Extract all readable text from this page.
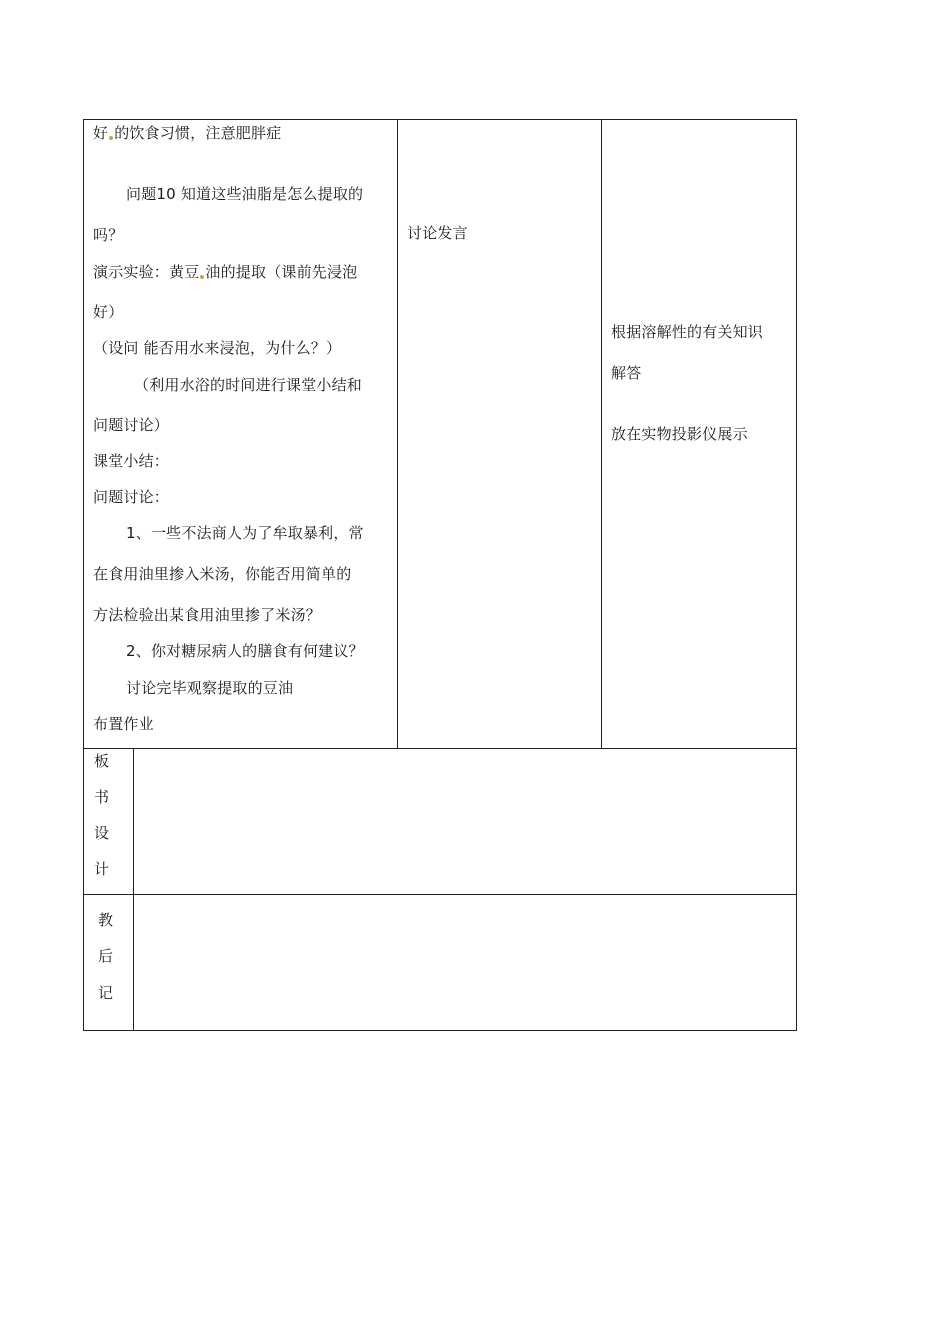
好 的饮食习惯，注意肥胖症
问题10 知道这些油脂是怎么提取的
吗？
演示实验：黄豆 油的提取（课前先浸泡
好）
（设问 能否用水来浸泡，为什么？）
（利用水浴的时间进行课堂小结和
问题讨论）
课堂小结：
问题讨论：
1、一些不法商人为了牟取暴利，常
在食用油里掺入米汤，你能否用简单的
方法检验出某食用油里掺了米汤？
2、你对糖尿病人的膳食有何建议？
讨论完毕观察提取的豆油
布置作业
讨论发言
根据溶解性的有关知识
解答
放在实物投影仪展示
板
书
设
计
教
后
记
